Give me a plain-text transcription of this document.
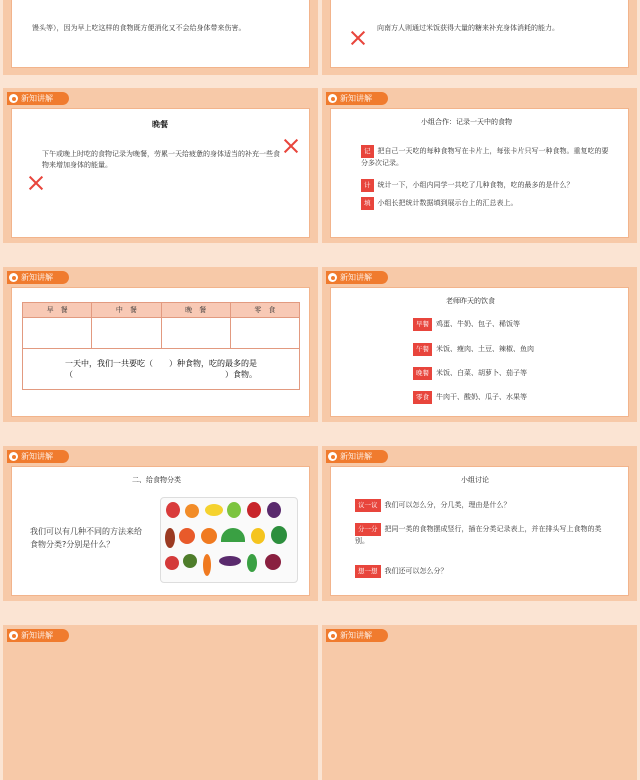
馒头等），因为早上吃这样的食物既方便消化又不会给身体带来伤害。	向南方人则通过米饭获得大量的糖来补充身体消耗的能力。
新知讲解
晚餐
下午或晚上时吃的食物记录为晚餐，劳累一天给疲惫的身体适当的补充一些食物来增加身体的能量。
新知讲解
小组合作：记录一天中的食物
记 把自己一天吃的每种食物写在卡片上，每张卡片只写一种食物。重复吃的要分多次记录。
计 统计一下，小组内同学一共吃了几种食物，吃的最多的是什么？
填 小组长把统计数据填到展示台上的汇总表上。
新知讲解
早　餐	中　餐	晚　餐	零　食

一天中，我们一共要吃（　　）种食物，吃的最多的是（　　　　　　　　　　　　　　　　　　　）食物。			
新知讲解
老师昨天的饮食
早餐 鸡蛋、牛奶、包子、稀饭等
午餐 米饭、瘦肉、土豆、辣椒、鱼肉
晚餐 米饭、白菜、胡萝卜、茄子等
零食 牛肉干、酸奶、瓜子、水果等
新知讲解
二、给食物分类
我们可以有几种不同的方法来给食物分类?分别是什么？
新知讲解
小组讨论
议一议 我们可以怎么分，分几类，理由是什么？
分一分 把同一类的食物摆成竖行，插在分类记录表上，并在排头写上食物的类别。
想一想 我们还可以怎么分？
新知讲解	新知讲解
